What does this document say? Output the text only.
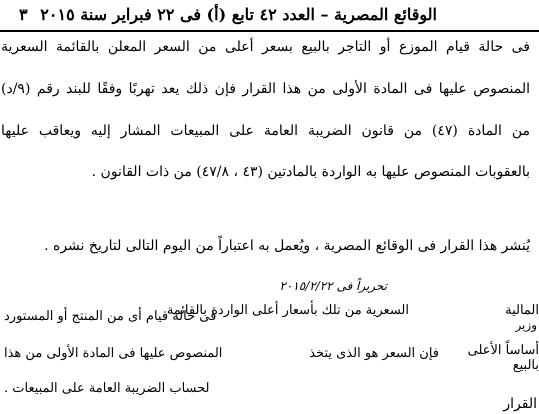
الوقائع المصرية – العدد ٤٢ تابع (أ) فى ٢٢ فبراير سنة ٢٠١٥
٣
فى حالة قيام الموزع أو التاجر بالبيع بسعر أعلى من السعر المعلن بالقائمة السعرية
المنصوص عليها فى المادة الأولى من هذا القرار فإن ذلك يعد تهربًا وفقًا للبند رقم (٩/د)
من المادة (٤٧) من قانون الضريبة العامة على المبيعات المشار إليه ويعاقب عليها
بالعقوبات المنصوص عليها به الواردة بالمادتين (٤٣ ، ٤٧/٨) من ذات القانون .
يُنشر هذا القرار فى الوقائع المصرية ، ويُعمل به اعتباراً من اليوم التالى لتاريخ نشره .
تحريراً فى ٢٠١٥/٢/٢٢
المالية
وزير
السعرية من تلك بأسعار أعلى الواردة بالقائمة
فى حالة قيام أى من المنتج أو المستورد
أساساً الأعلى
بالبيع
فإن السعر هو الذى يتخذ
المنصوص عليها فى المادة الأولى من هذا
لحساب الضريبة العامة على المبيعات .
القرار
